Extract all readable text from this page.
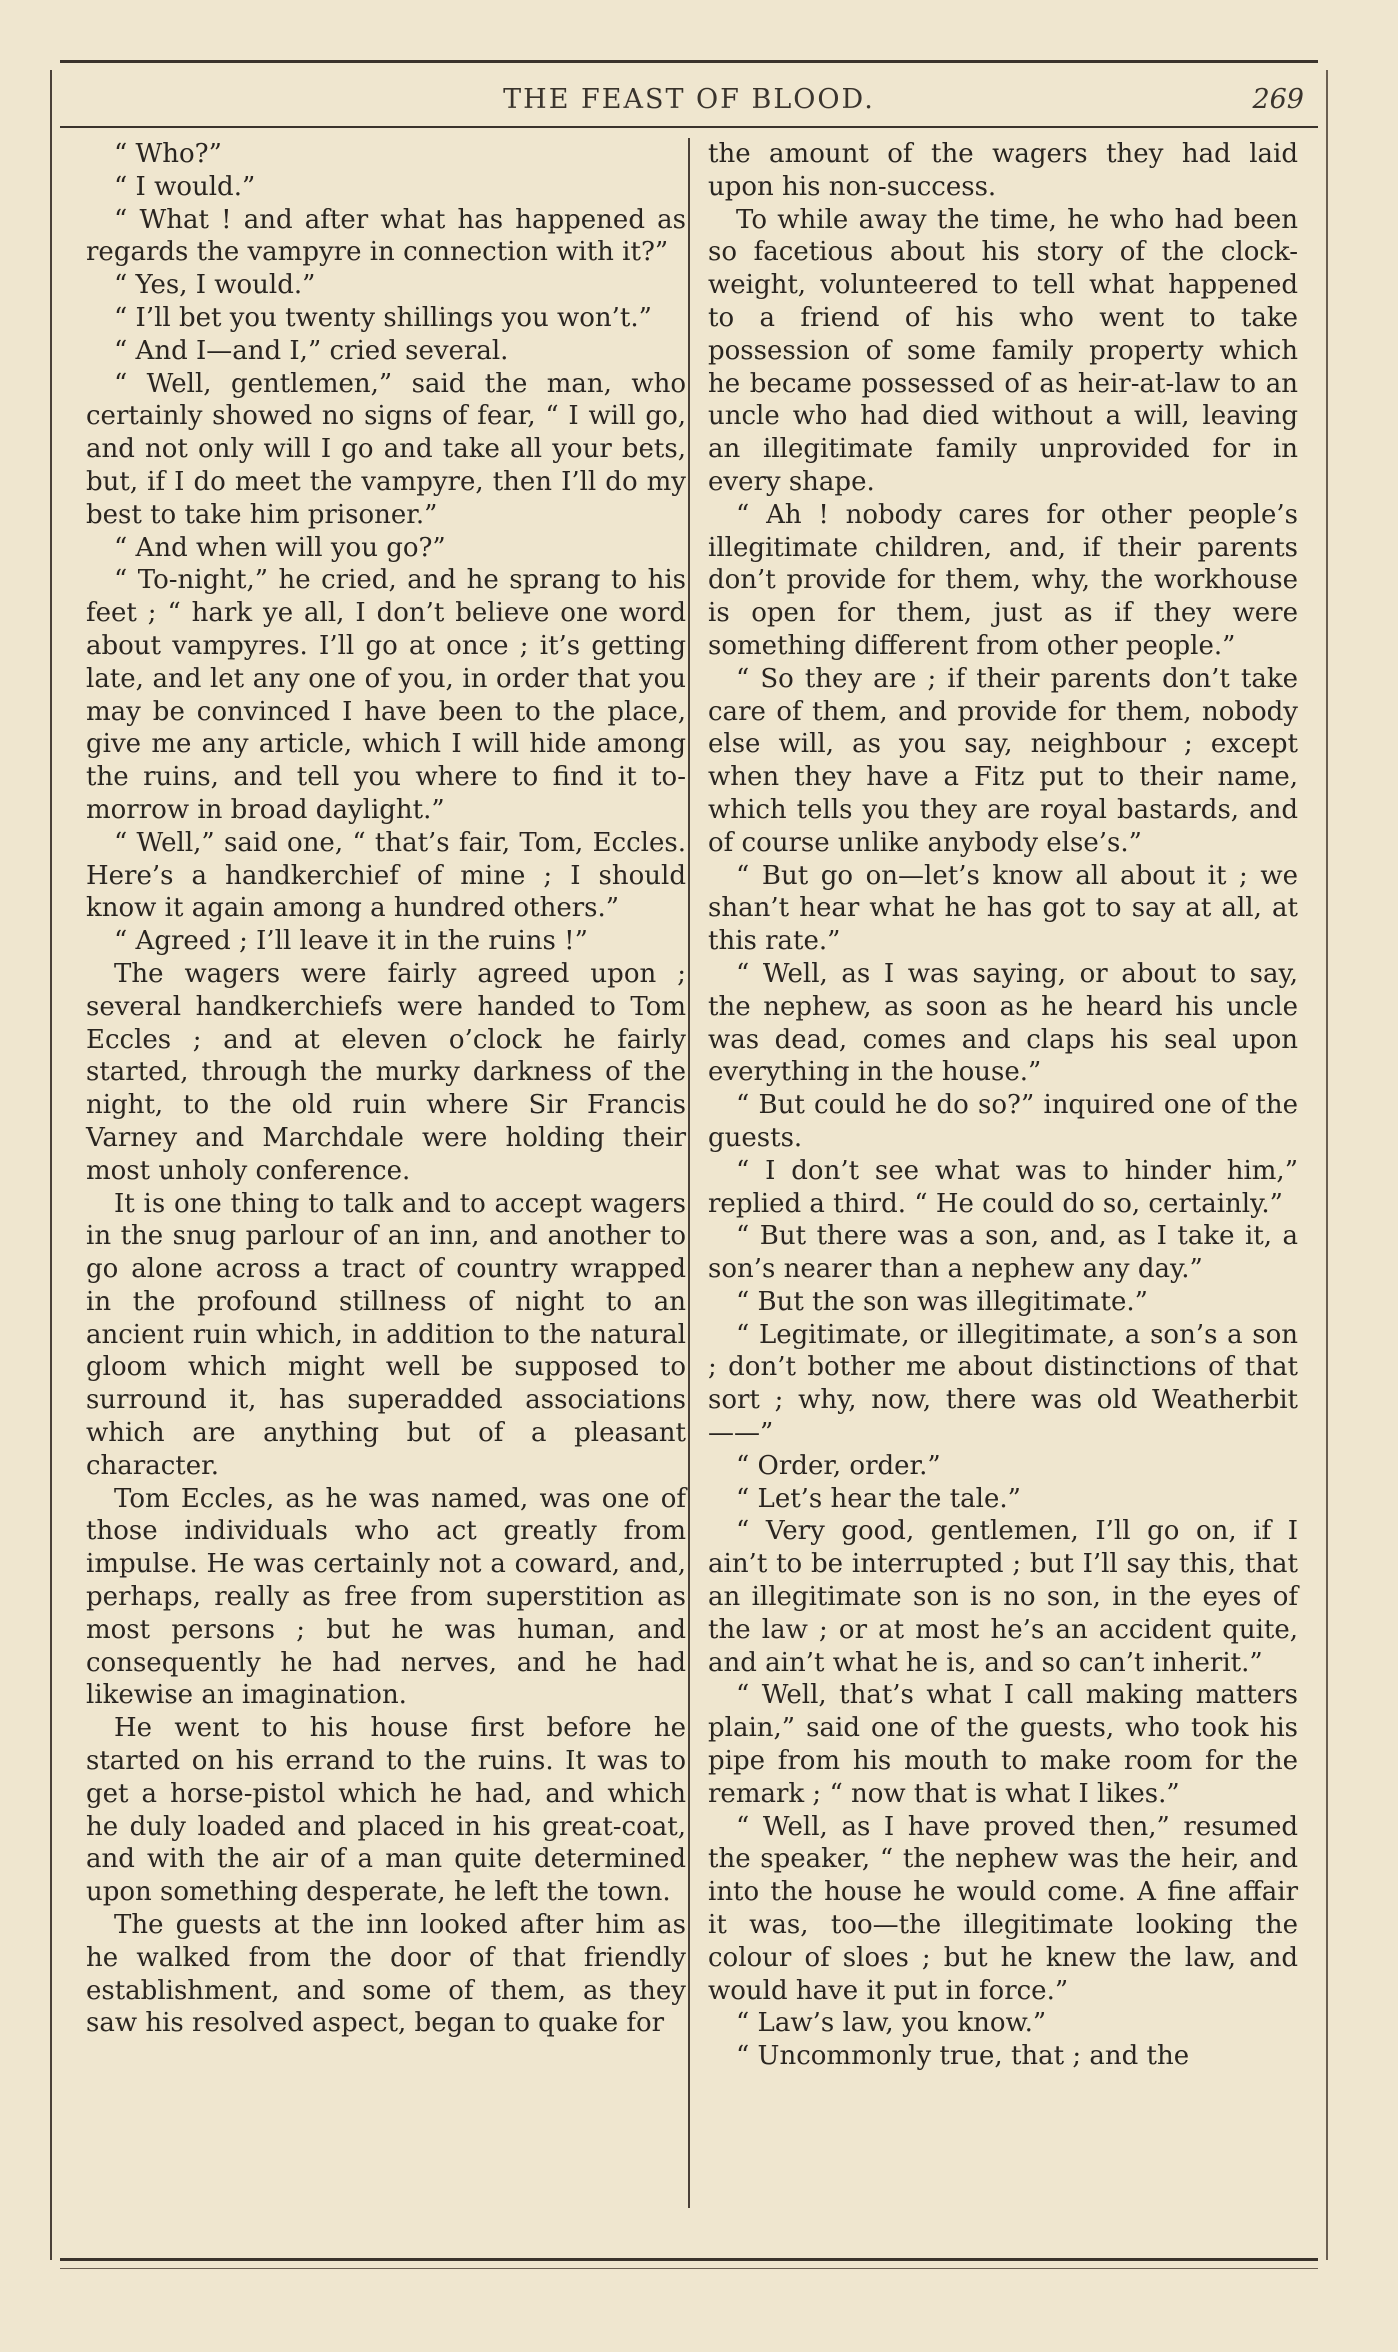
THE FEAST OF BLOOD.	269

“ Who?”

“ I would.”

“ What ! and after what has happened as regards the vampyre in connection with it?”

“ Yes, I would.”

“ I’ll bet you twenty shillings you won’t.”

“ And I—and I,” cried several.

“ Well, gentlemen,” said the man, who certainly showed no signs of fear, “ I will go, and not only will I go and take all your bets, but, if I do meet the vampyre, then I’ll do my best to take him prisoner.”

“ And when will you go?”

“ To-night,” he cried, and he sprang to his feet ; “ hark ye all, I don’t believe one word about vampyres. I’ll go at once ; it’s getting late, and let any one of you, in order that you may be convinced I have been to the place, give me any article, which I will hide among the ruins, and tell you where to find it to-morrow in broad daylight.”

“ Well,” said one, “ that’s fair, Tom, Eccles. Here’s a handkerchief of mine ; I should know it again among a hundred others.”

“ Agreed ; I’ll leave it in the ruins !”

The wagers were fairly agreed upon ; several handkerchiefs were handed to Tom Eccles ; and at eleven o’clock he fairly started, through the murky darkness of the night, to the old ruin where Sir Francis Varney and Marchdale were holding their most unholy conference.

It is one thing to talk and to accept wagers in the snug parlour of an inn, and another to go alone across a tract of country wrapped in the profound stillness of night to an ancient ruin which, in addition to the natural gloom which might well be supposed to surround it, has superadded associations which are anything but of a pleasant character.

Tom Eccles, as he was named, was one of those individuals who act greatly from impulse. He was certainly not a coward, and, perhaps, really as free from superstition as most persons ; but he was human, and consequently he had nerves, and he had likewise an imagination.

He went to his house first before he started on his errand to the ruins. It was to get a horse-pistol which he had, and which he duly loaded and placed in his great-coat, and with the air of a man quite determined upon something desperate, he left the town.

The guests at the inn looked after him as he walked from the door of that friendly establishment, and some of them, as they saw his resolved aspect, began to quake for

the amount of the wagers they had laid upon his non-success.

To while away the time, he who had been so facetious about his story of the clock-weight, volunteered to tell what happened to a friend of his who went to take possession of some family property which he became possessed of as heir-at-law to an uncle who had died without a will, leaving an illegitimate family unprovided for in every shape.

“ Ah ! nobody cares for other people’s illegitimate children, and, if their parents don’t provide for them, why, the workhouse is open for them, just as if they were something different from other people.”

“ So they are ; if their parents don’t take care of them, and provide for them, nobody else will, as you say, neighbour ; except when they have a Fitz put to their name, which tells you they are royal bastards, and of course unlike anybody else’s.”

“ But go on—let’s know all about it ; we shan’t hear what he has got to say at all, at this rate.”

“ Well, as I was saying, or about to say, the nephew, as soon as he heard his uncle was dead, comes and claps his seal upon everything in the house.”

“ But could he do so?” inquired one of the guests.

“ I don’t see what was to hinder him,” replied a third. “ He could do so, certainly.”

“ But there was a son, and, as I take it, a son’s nearer than a nephew any day.”

“ But the son was illegitimate.”

“ Legitimate, or illegitimate, a son’s a son ; don’t bother me about distinctions of that sort ; why, now, there was old Weatherbit——”

“ Order, order.”

“ Let’s hear the tale.”

“ Very good, gentlemen, I’ll go on, if I ain’t to be interrupted ; but I’ll say this, that an illegitimate son is no son, in the eyes of the law ; or at most he’s an accident quite, and ain’t what he is, and so can’t inherit.”

“ Well, that’s what I call making matters plain,” said one of the guests, who took his pipe from his mouth to make room for the remark ; “ now that is what I likes.”

“ Well, as I have proved then,” resumed the speaker, “ the nephew was the heir, and into the house he would come. A fine affair it was, too—the illegitimate looking the colour of sloes ; but he knew the law, and would have it put in force.”

“ Law’s law, you know.”

“ Uncommonly true, that ; and the
